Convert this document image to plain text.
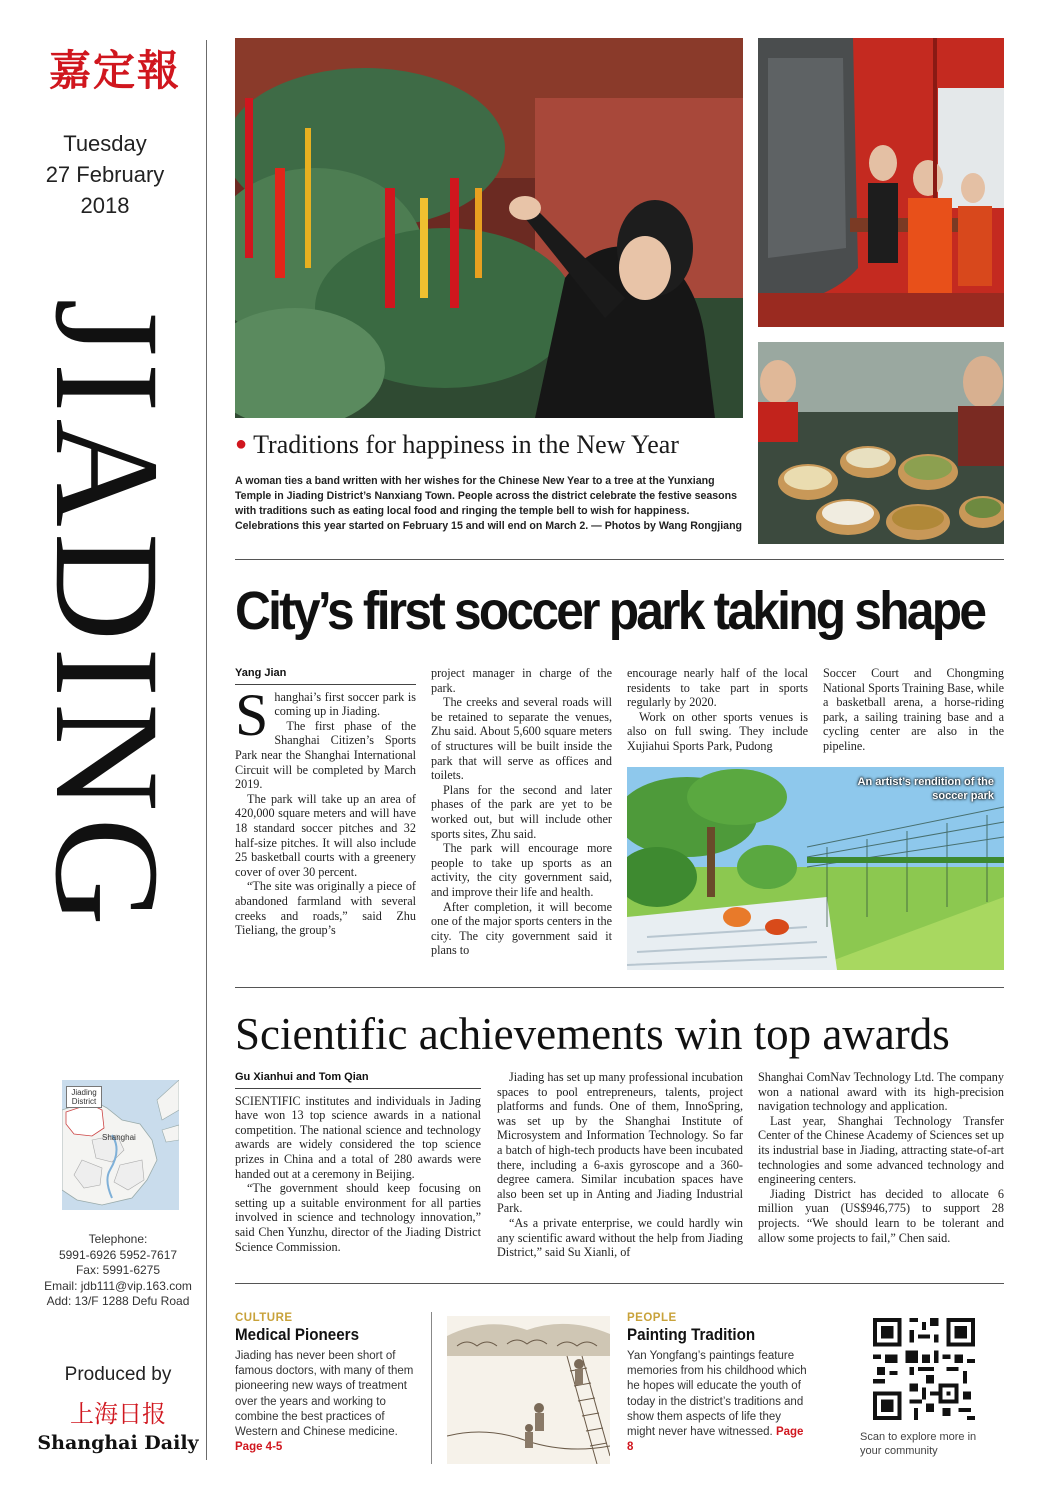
嘉定報
Tuesday
27 February
2018
JIADING
Jiading District
Shanghai
Telephone:
5991-6926 5952-7617
Fax: 5991-6275
Email: jdb111@vip.163.com
Add: 13/F 1288 Defu Road
Produced by
上海日报
Shanghai Daily
● Traditions for happiness in the New Year
A woman ties a band written with her wishes for the Chinese New Year to a tree at the Yunxiang Temple in Jiading District’s Nanxiang Town. People across the district celebrate the festive seasons with traditions such as eating local food and ringing the temple bell to wish for happiness. Celebrations this year started on February 15 and will end on March 2. — Photos by Wang Rongjiang
City’s first soccer park taking shape
Yang Jian

Shanghai’s first soccer park is coming up in Jiading.

The first phase of the Shanghai Citizen’s Sports Park near the Shanghai International Circuit will be completed by March 2019.

The park will take up an area of 420,000 square meters and will have 18 standard soccer pitches and 32 half-size pitches. It will also include 25 basketball courts with a greenery cover of over 30 percent.

“The site was originally a piece of abandoned farmland with several creeks and roads,” said Zhu Tieliang, the group’s

project manager in charge of the park.

The creeks and several roads will be retained to separate the venues, Zhu said. About 5,600 square meters of structures will be built inside the park that will serve as offices and toilets.

Plans for the second and later phases of the park are yet to be worked out, but will include other sports sites, Zhu said.

The park will encourage more people to take up sports as an activity, the city government said, and improve their life and health.

After completion, it will become one of the major sports centers in the city. The city government said it plans to

encourage nearly half of the local residents to take part in sports regularly by 2020.

Work on other sports venues is also on full swing. They include Xujiahui Sports Park, Pudong

Soccer Court and Chongming National Sports Training Base, while a basketball arena, a horse-riding park, a sailing training base and a cycling center are also in the pipeline.

An artist’s rendition of the soccer park
Scientific achievements win top awards
Gu Xianhui and Tom Qian

SCIENTIFIC institutes and individuals in Jading have won 13 top science awards in a national competition. The national science and technology awards are widely considered the top science prizes in China and a total of 280 awards were handed out at a ceremony in Beijing.

“The government should keep focusing on setting up a suitable environment for all parties involved in science and technology innovation,” said Chen Yunzhu, director of the Jiading District Science Commission.

Jiading has set up many professional incubation spaces to pool entrepreneurs, talents, project platforms and funds. One of them, InnoSpring, was set up by the Shanghai Institute of Microsystem and Information Technology. So far a batch of high-tech products have been incubated there, including a 6-axis gyroscope and a 360-degree camera. Similar incubation spaces have also been set up in Anting and Jiading Industrial Park.

“As a private enterprise, we could hardly win any scientific award without the help from Jiading District,” said Su Xianli, of

Shanghai ComNav Technology Ltd. The company won a national award with its high-precision navigation technology and application.

Last year, Shanghai Technology Transfer Center of the Chinese Academy of Sciences set up its industrial base in Jiading, attracting state-of-art technologies and some advanced technology and engineering centers.

Jiading District has decided to allocate 6 million yuan (US$946,775) to support 28 projects. “We should learn to be tolerant and allow some projects to fail,” Chen said.

CULTURE
Medical Pioneers
Jiading has never been short of famous doctors, with many of them pioneering new ways of treatment over the years and working to combine the best practices of Western and Chinese medicine. Page 4-5
PEOPLE
Painting Tradition
Yan Yongfang’s paintings feature memories from his childhood which he hopes will educate the youth of today in the district’s traditions and show them aspects of life they might never have witnessed. Page 8
Scan to explore more in your community
